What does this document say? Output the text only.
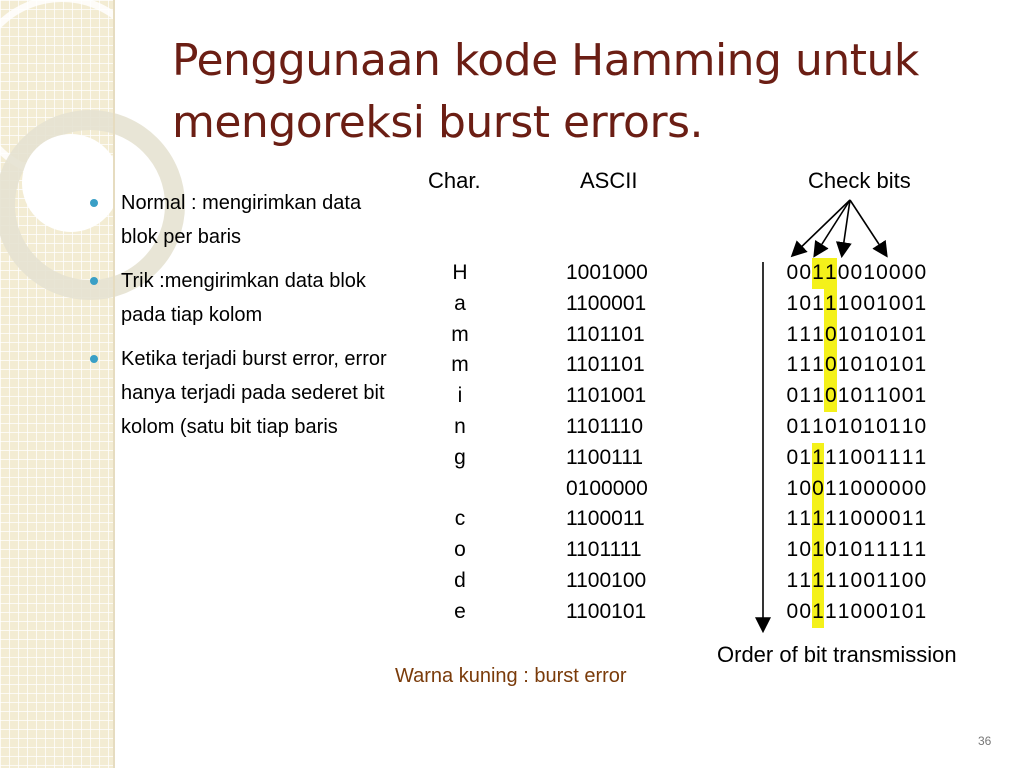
Penggunaan kode Hamming untuk
mengoreksi burst errors.
Normal : mengirimkan data blok per baris
Trik :mengirimkan data blok pada tiap kolom
Ketika terjadi burst error, error hanya terjadi pada sederet bit kolom (satu bit tiap baris
Char.	ASCII	Check bits
H
a
m
m
i
n
g

c
o
d
e
1001000
1100001
1101101
1101101
1101001
1101110
1100111
0100000
1100011
1101111
1100100
1100101
00110010000
10111001001
11101010101
11101010101
01101011001
01101010110
01111001111
10011000000
11111000011
10101011111
11111001100
00111000101
Order of bit transmission
Warna kuning : burst error
36
